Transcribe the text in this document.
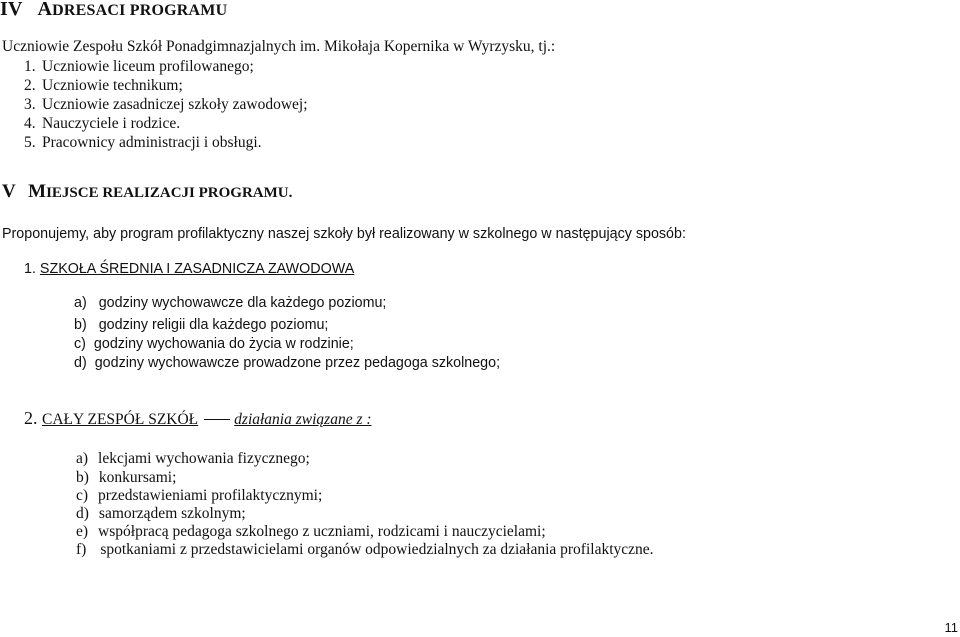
IV ADRESACI PROGRAMU
Uczniowie Zespołu Szkół Ponadgimnazjalnych im. Mikołaja Kopernika w Wyrzysku, tj.:
1. Uczniowie liceum profilowanego;
2. Uczniowie technikum;
3. Uczniowie zasadniczej szkoły zawodowej;
4. Nauczyciele i rodzice.
5. Pracownicy administracji i obsługi.
V MIEJSCE REALIZACJI PROGRAMU.
Proponujemy, aby program profilaktyczny naszej szkoły był realizowany w szkolnego w następujący sposób:
1. SZKOŁA ŚREDNIA I ZASADNICZA ZAWODOWA
a) godziny wychowawcze dla każdego poziomu;
b) godziny religii dla każdego poziomu;
c) godziny wychowania do życia w rodzinie;
d) godziny wychowawcze prowadzone przez pedagoga szkolnego;
2. CAŁY ZESPÓŁ SZKÓŁ działania związane z :
a) lekcjami wychowania fizycznego;
b) konkursami;
c) przedstawieniami profilaktycznymi;
d) samorządem szkolnym;
e) współpracą pedagoga szkolnego z uczniami, rodzicami i nauczycielami;
f) spotkaniami z przedstawicielami organów odpowiedzialnych za działania profilaktyczne.
11
